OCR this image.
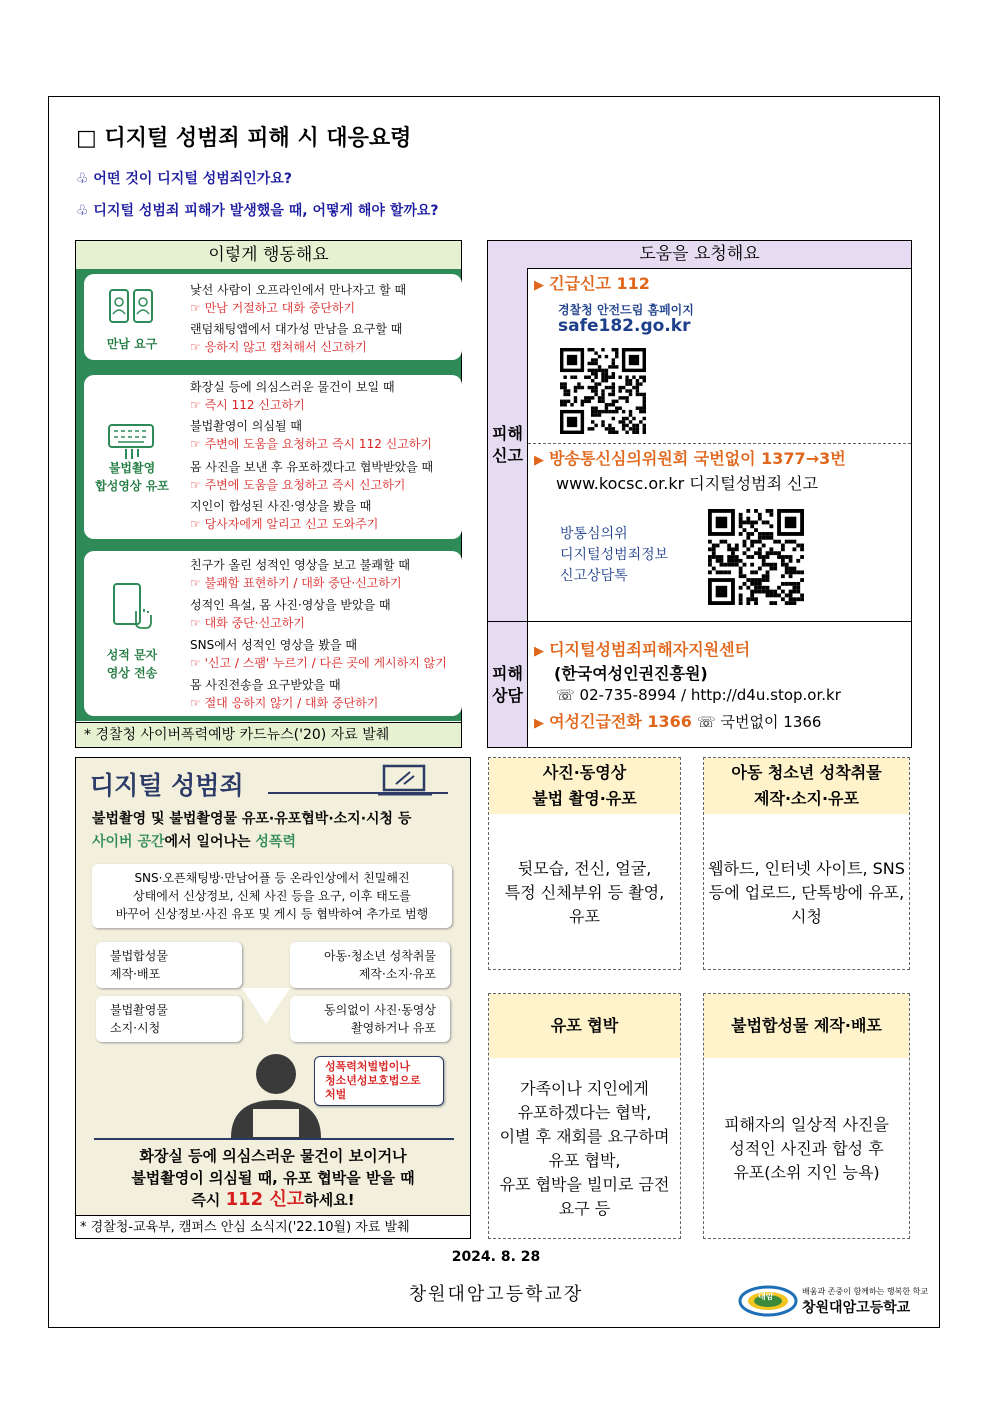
□ 디지털 성범죄 피해 시 대응요령
♧ 어떤 것이 디지털 성범죄인가요?
♧ 디지털 성범죄 피해가 발생했을 때, 어떻게 해야 할까요?
이렇게 행동해요
만남 요구
낯선 사람이 오프라인에서 만나자고 할 때
☞ 만남 거절하고 대화 중단하기
랜덤채팅앱에서 대가성 만남을 요구할 때
☞ 응하지 않고 캡쳐해서 신고하기
불법촬영
합성영상 유포
화장실 등에 의심스러운 물건이 보일 때
☞ 즉시 112 신고하기
불법촬영이 의심될 때
☞ 주변에 도움을 요청하고 즉시 112 신고하기
몸 사진을 보낸 후 유포하겠다고 협박받았을 때
☞ 주변에 도움을 요청하고 즉시 신고하기
지인이 합성된 사진·영상을 봤을 때
☞ 당사자에게 알리고 신고 도와주기
성적 문자
영상 전송
친구가 올린 성적인 영상을 보고 불쾌할 때
☞ 불쾌함 표현하기 / 대화 중단·신고하기
성적인 욕설, 몸 사진·영상을 받았을 때
☞ 대화 중단·신고하기
SNS에서 성적인 영상을 봤을 때
☞ '신고 / 스팸' 누르기 / 다른 곳에 게시하지 않기
몸 사진전송을 요구받았을 때
☞ 절대 응하지 않기 / 대화 중단하기
* 경찰청 사이버폭력예방 카드뉴스('20) 자료 발췌
도움을 요청해요
피해
신고
피해
상담
▶ 긴급신고 112
경찰청 안전드림 홈페이지
safe182.go.kr
▶ 방송통신심의위원회 국번없이 1377→3번
www.kocsc.or.kr 디지털성범죄 신고
방통심의위
디지털성범죄정보
신고상담톡
▶ 디지털성범죄피해자지원센터
(한국여성인권진흥원)
☏ 02-735-8994 / http://d4u.stop.or.kr
▶ 여성긴급전화 1366 ☏ 국번없이 1366
디지털 성범죄
불법촬영 및 불법촬영물 유포·유포협박·소지·시청 등
사이버 공간에서 일어나는 성폭력
SNS·오픈채팅방·만남어플 등 온라인상에서 친밀해진
상태에서 신상정보, 신체 사진 등을 요구, 이후 태도를
바꾸어 신상정보·사진 유포 및 게시 등 협박하여 추가로 범행
불법합성물
제작·배포
아동·청소년 성착취물
제작·소지·유포
불법촬영물
소지·시청
동의없이 사진·동영상
촬영하거나 유포
성폭력처벌법이나
청소년성보호법으로
처벌
화장실 등에 의심스러운 물건이 보이거나
불법촬영이 의심될 때, 유포 협박을 받을 때
즉시 112 신고하세요!
* 경찰청-교육부, 캠퍼스 안심 소식지('22.10월) 자료 발췌
사진·동영상
불법 촬영·유포
뒷모습, 전신, 얼굴,
특정 신체부위 등 촬영,
유포
아동 청소년 성착취물
제작·소지·유포
웹하드, 인터넷 사이트, SNS
등에 업로드, 단톡방에 유포,
시청
유포 협박
가족이나 지인에게
유포하겠다는 협박,
이별 후 재회를 요구하며
유포 협박,
유포 협박을 빌미로 금전
요구 등
불법합성물 제작·배포
피해자의 일상적 사진을
성적인 사진과 합성 후
유포(소위 지인 능욕)
2024. 8. 28
창원대암고등학교장	대암
배움과 존중이 함께하는 행복한 학교
창원대암고등학교
